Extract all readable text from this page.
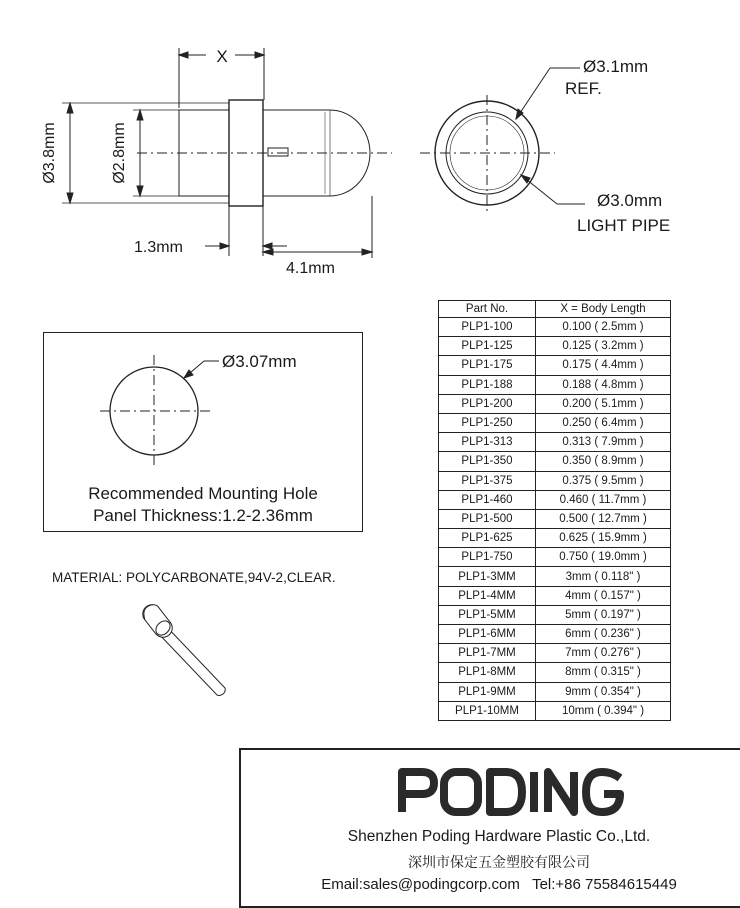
X
Ø3.8mm	Ø2.8mm
1.3mm
4.1mm
Ø3.1mm
REF.
Ø3.0mm
LIGHT PIPE
Ø3.07mm
Recommended Mounting Hole
Panel Thickness:1.2-2.36mm
MATERIAL: POLYCARBONATE,94V-2,CLEAR.
Part No.	X = Body Length
PLP1-100	0.100 ( 2.5mm )
PLP1-125	0.125 ( 3.2mm )
PLP1-175	0.175 ( 4.4mm )
PLP1-188	0.188 ( 4.8mm )
PLP1-200	0.200 ( 5.1mm )
PLP1-250	0.250 ( 6.4mm )
PLP1-313	0.313 ( 7.9mm )
PLP1-350	0.350 ( 8.9mm )
PLP1-375	0.375 ( 9.5mm )
PLP1-460	0.460 ( 11.7mm )
PLP1-500	0.500 ( 12.7mm )
PLP1-625	0.625 ( 15.9mm )
PLP1-750	0.750 ( 19.0mm )
PLP1-3MM	3mm ( 0.118" )
PLP1-4MM	4mm ( 0.157" )
PLP1-5MM	5mm ( 0.197" )
PLP1-6MM	6mm ( 0.236" )
PLP1-7MM	7mm ( 0.276" )
PLP1-8MM	8mm ( 0.315" )
PLP1-9MM	9mm ( 0.354" )
PLP1-10MM	10mm ( 0.394" )
Shenzhen Poding Hardware Plastic Co.,Ltd.
深圳市保定五金塑胶有限公司
Email:sales@podingcorp.com   Tel:+86 75584615449
